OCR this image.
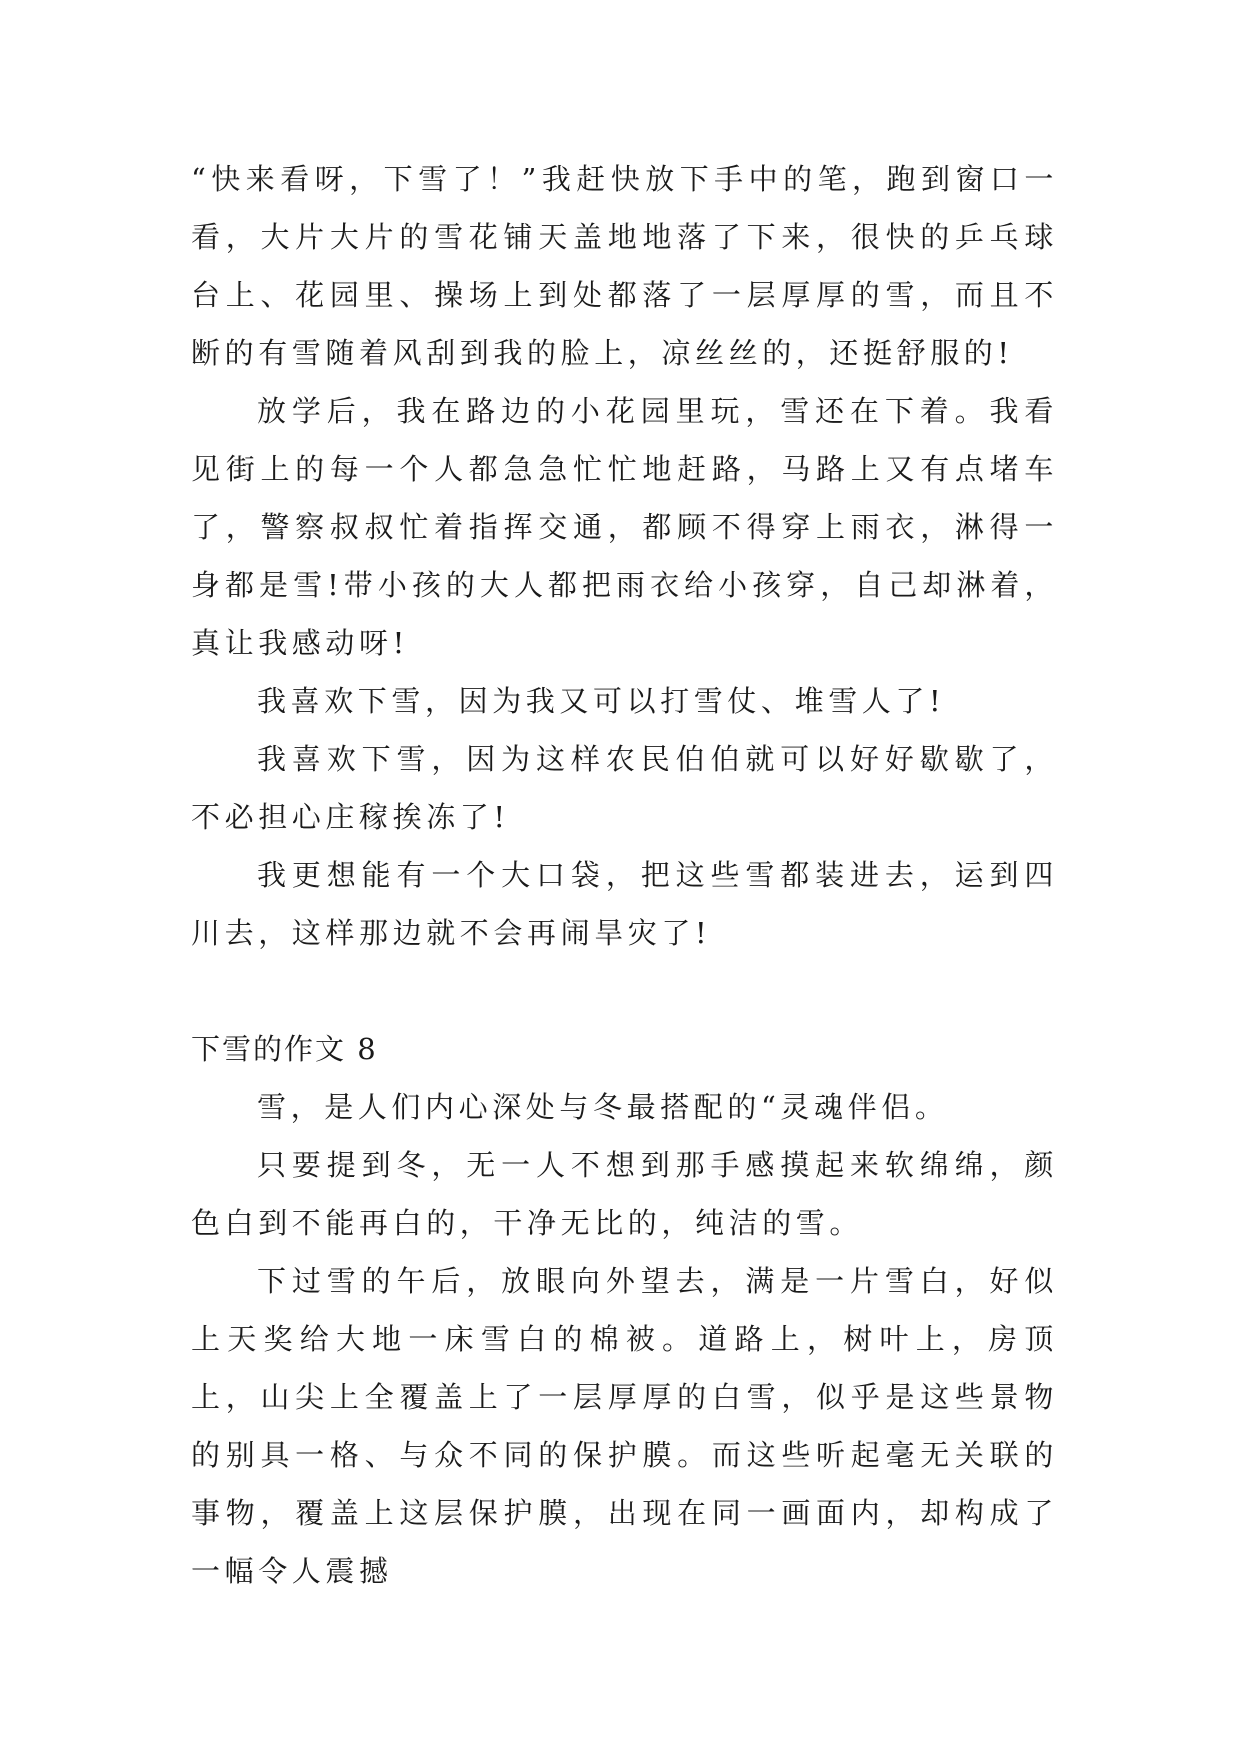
“快来看呀，下雪了！”我赶快放下手中的笔，跑到窗口一看，大片大片的雪花铺天盖地地落了下来，很快的乒乓球台上、花园里、操场上到处都落了一层厚厚的雪，而且不断的有雪随着风刮到我的脸上，凉丝丝的，还挺舒服的!

放学后，我在路边的小花园里玩，雪还在下着。我看见街上的每一个人都急急忙忙地赶路，马路上又有点堵车了，警察叔叔忙着指挥交通，都顾不得穿上雨衣，淋得一身都是雪!带小孩的大人都把雨衣给小孩穿，自己却淋着，真让我感动呀!

我喜欢下雪，因为我又可以打雪仗、堆雪人了!

我喜欢下雪，因为这样农民伯伯就可以好好歇歇了，不必担心庄稼挨冻了!

我更想能有一个大口袋，把这些雪都装进去，运到四川去，这样那边就不会再闹旱灾了!

下雪的作文 8

雪，是人们内心深处与冬最搭配的“灵魂伴侣。

只要提到冬，无一人不想到那手感摸起来软绵绵，颜色白到不能再白的，干净无比的，纯洁的雪。

下过雪的午后，放眼向外望去，满是一片雪白，好似上天奖给大地一床雪白的棉被。道路上，树叶上，房顶上，山尖上全覆盖上了一层厚厚的白雪，似乎是这些景物的别具一格、与众不同的保护膜。而这些听起毫无关联的事物，覆盖上这层保护膜，出现在同一画面内，却构成了一幅令人震撼
